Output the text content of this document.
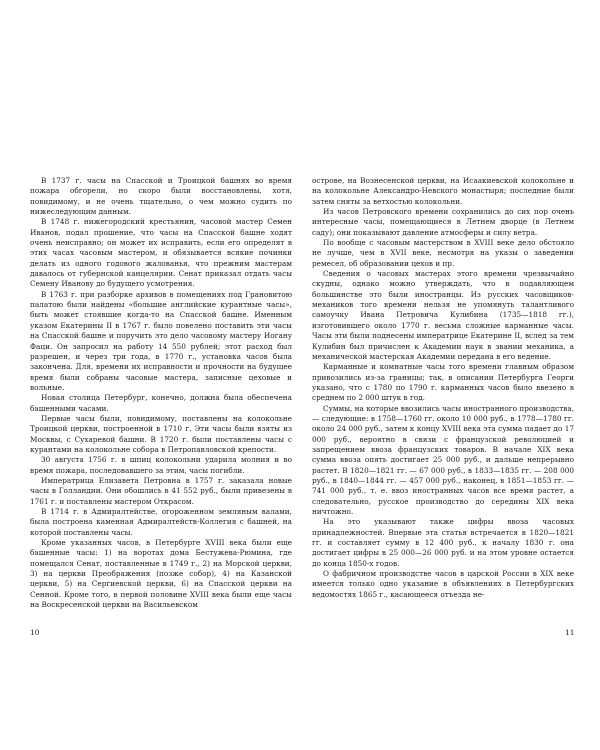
В 1737 г. часы на Спасской и Троицкой башнях во время пожара обгорели, но скоро были восстановлены, хотя, повидимому, и не очень тщательно, о чем можно судить по нижеследующим данным.

В 1748 г. нижегородский крестьянин, часовой мастер Семен Иванов, подал прошение, что часы на Спасской башне ходят очень неисправно; он может их исправить, если его определят в этих часах часовым мастером, и обязывается всякие починки делать из одного годового жалованья, что прежним мастерам давалось от губернской канцелярии. Сенат приказал отдать часы Семену Иванову до будущего усмотрения.

В 1763 г. при разборке архивов в помещениях под Грановитою палатою были найдены «большие английские курантные часы», быть может стоявшие когда-то на Спасской башне. Именным указом Екатерины II в 1767 г. было повелено поставить эти часы на Спасской башне и поручить это дело часовому мастеру Иогану Фаци. Он запросил на работу 14 550 рублей; этот расход был разрешен, и через три года, в 1770 г., установка часов была закончена. Для, времени их исправности и прочности на будущее время были собраны часовые мастера, записные цеховые и вольные.

Новая столица Петербург, конечно, должна была обеспечена башенными часами.

Первые часы были, повидимому, поставлены на колокольне Троицкой церкви, построенной в 1710 г. Эти часы были взяты из Москвы, с Сухаревой башни. В 1720 г. были поставлены часы с курантами на колокольне собора в Петропавловской крепости.

30 августа 1756 г. в шпиц колокольни ударила молния и во время пожара, последовавшего за этим, часы погибли.

Императрица Елизавета Петровна в 1757 г. заказала новые часы в Голландии. Они обошлись в 41 552 руб., были привезены в 1761 г. и поставлены мастером Открасом.

В 1714 г. в Адмиралтействе, огороженном земляным валами, была построена каменная Адмиралтейств-Коллегия с башней, на которой поставлены часы.

Кроме указанных часов, в Петербурге XVIII века были еще башенные часы: 1) на воротах дома Бестужева-Рюмина, где помещался Сенат, поставленные в 1749 г., 2) на Морской церкви, 3) на церкви Преображения (позже собор), 4) на Казанской церкви, 5) на Сергиевской церкви, 6) на Спасской церкви на Сенной. Кроме того, в первой половине XVIII века были еще часы на Воскресенской церкви на Васильевском

острове, на Вознесенской церкви, на Исаакиевской колокольне и на колокольне Александро-Невского монастыря; последние были затем сняты за ветхостью колокольни.

Из часов Петровского времени сохранились до сих пор очень интересные часы, помещающиеся в Летнем дворце (в Летнем саду); они показывают давление атмосферы и силу ветра.

По вообще с часовым мастерством в XVIII веке дело обстояло не лучше, чем в XVII веке, несмотря на указы о заведении ремесел, об образовании цехов и пр.

Сведения о часовых мастерах этого времени чрезвычайно скудны, однако можно утверждать, что в подавляющем большинстве это были иностранцы. Из русских часовщиков-механиков того времени нельзя не упомянуть талантливого самоучку Ивана Петровича Кулибина (1735—1818 гг.), изготовившего около 1770 г. весьма сложные карманные часы. Часы эти были поднесены императрице Екатерине II, вслед за тем Кулибин был причислен к Академии наук в звании механика, а механической мастерская Академии передана в его ведение.

Карманные и комнатные часы того времени главным образом привозились из-за границы; так, в описании Петербурга Георги указано, что с 1780 по 1790 г. карманных часов было ввезено в среднем по 2 000 штук в год.

Суммы, на которые ввозились часы иностранного производства,— следующие: в 1758—1760 гг. около 10 000 руб., в 1778—1780 гг. около 24 000 руб., затем к концу XVIII века эта сумма падает до 17 000 руб., вероятно в связи с французской революцией и запрещением ввоза французских товаров. В начале XIX века сумма ввоза опять достигает 25 000 руб., и дальше непрерывно растет. В 1820—1821 гг. — 67 000 руб., в 1833—1835 гг. — 208 000 руб., в 1840—1844 гг. — 457 000 руб., наконец, в 1851—1853 гг. — 741 000 руб., т. е. ввоз иностранных часов все время растет, а следовательно, русское производство до середины XIX века ничтожно.

На это указывают также цифры ввоза часовых принадлежностей. Впервые эта статья встречается в 1820—1821 гг. и составляет сумму в 12 400 руб., к началу 1830 г. она достигает цифры в 25 000—26 000 руб. и на этом уровне остается до конца 1850-х годов.

О фабричном производстве часов в царской России в XIX веке имеется только одно указание в объявлениях в Петербургских ведомостях 1865 г., касающееся отъезда не-

10	11
